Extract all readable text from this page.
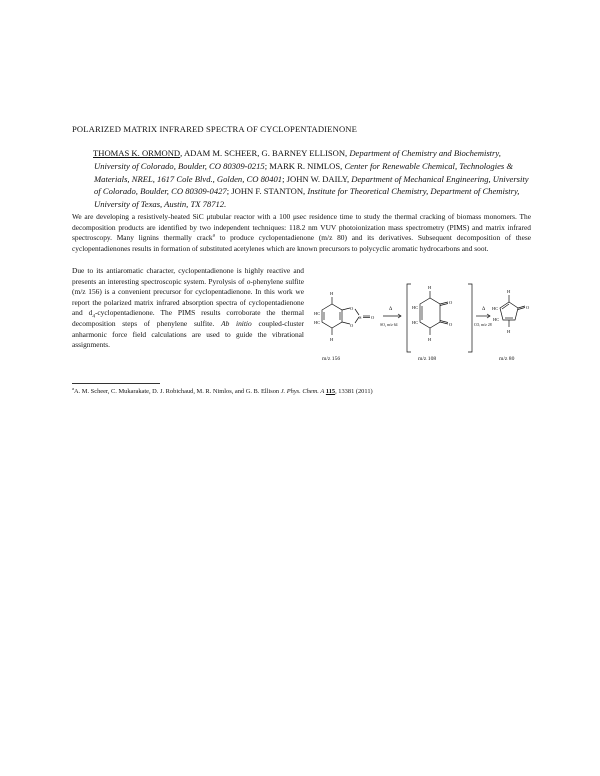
POLARIZED MATRIX INFRARED SPECTRA OF CYCLOPENTADIENONE
THOMAS K. ORMOND, ADAM M. SCHEER, G. BARNEY ELLISON, Department of Chemistry and Biochemistry, University of Colorado, Boulder, CO 80309-0215; MARK R. NIMLOS, Center for Renewable Chemical, Technologies & Materials, NREL, 1617 Cole Blvd., Golden, CO 80401; JOHN W. DAILY, Department of Mechanical Engineering, University of Colorado, Boulder, CO 80309-0427; JOHN F. STANTON, Institute for Theoretical Chemistry, Department of Chemistry, University of Texas, Austin, TX 78712.
We are developing a resistively-heated SiC μtubular reactor with a 100 μsec residence time to study the thermal cracking of biomass monomers. The decomposition products are identified by two independent techniques: 118.2 nm VUV photoionization mass spectrometry (PIMS) and matrix infrared spectroscopy. Many lignins thermally crack$^a$ to produce cyclopentadienone (m/z 80) and its derivatives. Subsequent decomposition of these cyclopentadienones results in formation of substituted acetylenes which are known precursors to polycyclic aromatic hydrocarbons and soot.
Due to its antiaromatic character, cyclopentadienone is highly reactive and presents an interesting spectroscopic system. Pyrolysis of o-phenylene sulfite (m/z 156) is a convenient precursor for cyclopentadienone. In this work we report the polarized matrix infrared absorption spectra of cyclopentadienone and $d_4$-cyclopentadienone. The PIMS results corroborate the thermal decomposition steps of phenylene sulfite. Ab initio coupled-cluster anharmonic force field calculations are used to guide the vibrational assignments.
H
HC
HC
H
O
O
S O
H
HC
HC
H
O
O
H
HC
HC
H
O
Δ
SO₂ m/z 64
Δ
CO, m/z 28
m/z 156	m/z 108	m/z 80
$^a$A. M. Scheer, C. Mukarakate, D. J. Robichaud, M. R. Nimlos, and G. B. Ellison J. Phys. Chem. A 115, 13381 (2011)
